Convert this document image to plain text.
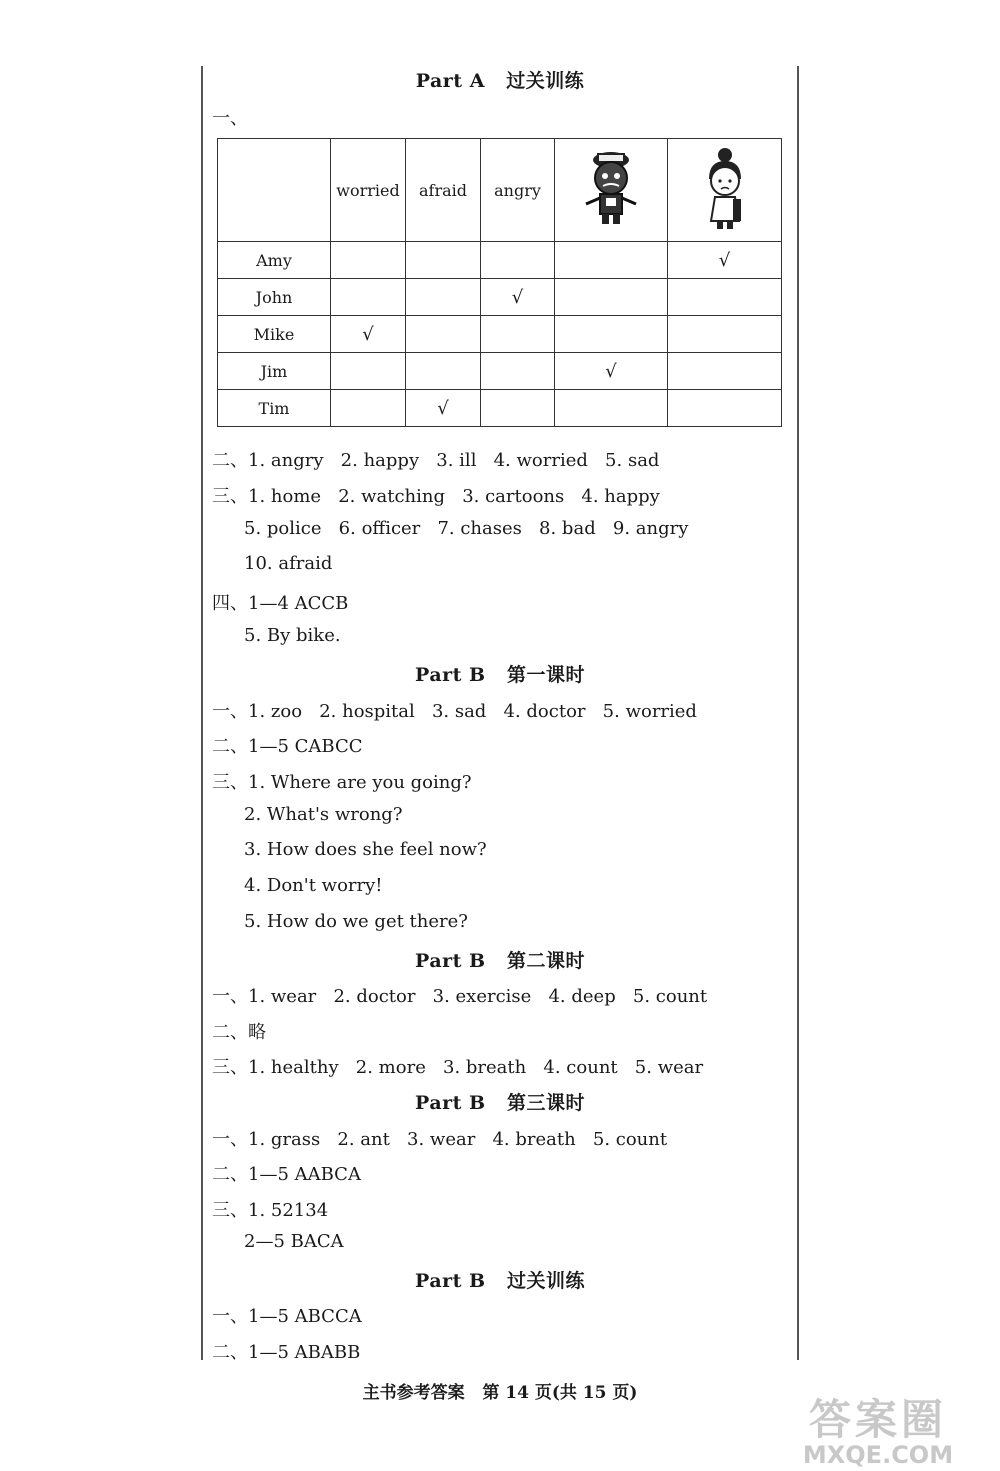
Part A   过关训练
一、
	worried	afraid	angry		
Amy					√
John			√		
Mike	√				
Jim				√	
Tim		√			
二、1. angry   2. happy   3. ill   4. worried   5. sad
三、1. home   2. watching   3. cartoons   4. happy
5. police   6. officer   7. chases   8. bad   9. angry
10. afraid
四、1—4 ACCB
5. By bike.
Part B   第一课时
一、1. zoo   2. hospital   3. sad   4. doctor   5. worried
二、1—5 CABCC
三、1. Where are you going?
2. What's wrong?
3. How does she feel now?
4. Don't worry!
5. How do we get there?
Part B   第二课时
一、1. wear   2. doctor   3. exercise   4. deep   5. count
二、略
三、1. healthy   2. more   3. breath   4. count   5. wear
Part B   第三课时
一、1. grass   2. ant   3. wear   4. breath   5. count
二、1—5 AABCA
三、1. 52134
2—5 BACA
Part B   过关训练
一、1—5 ABCCA
二、1—5 ABABB
主书参考答案   第 14 页(共 15 页)
答案圈
MXQE.COM
